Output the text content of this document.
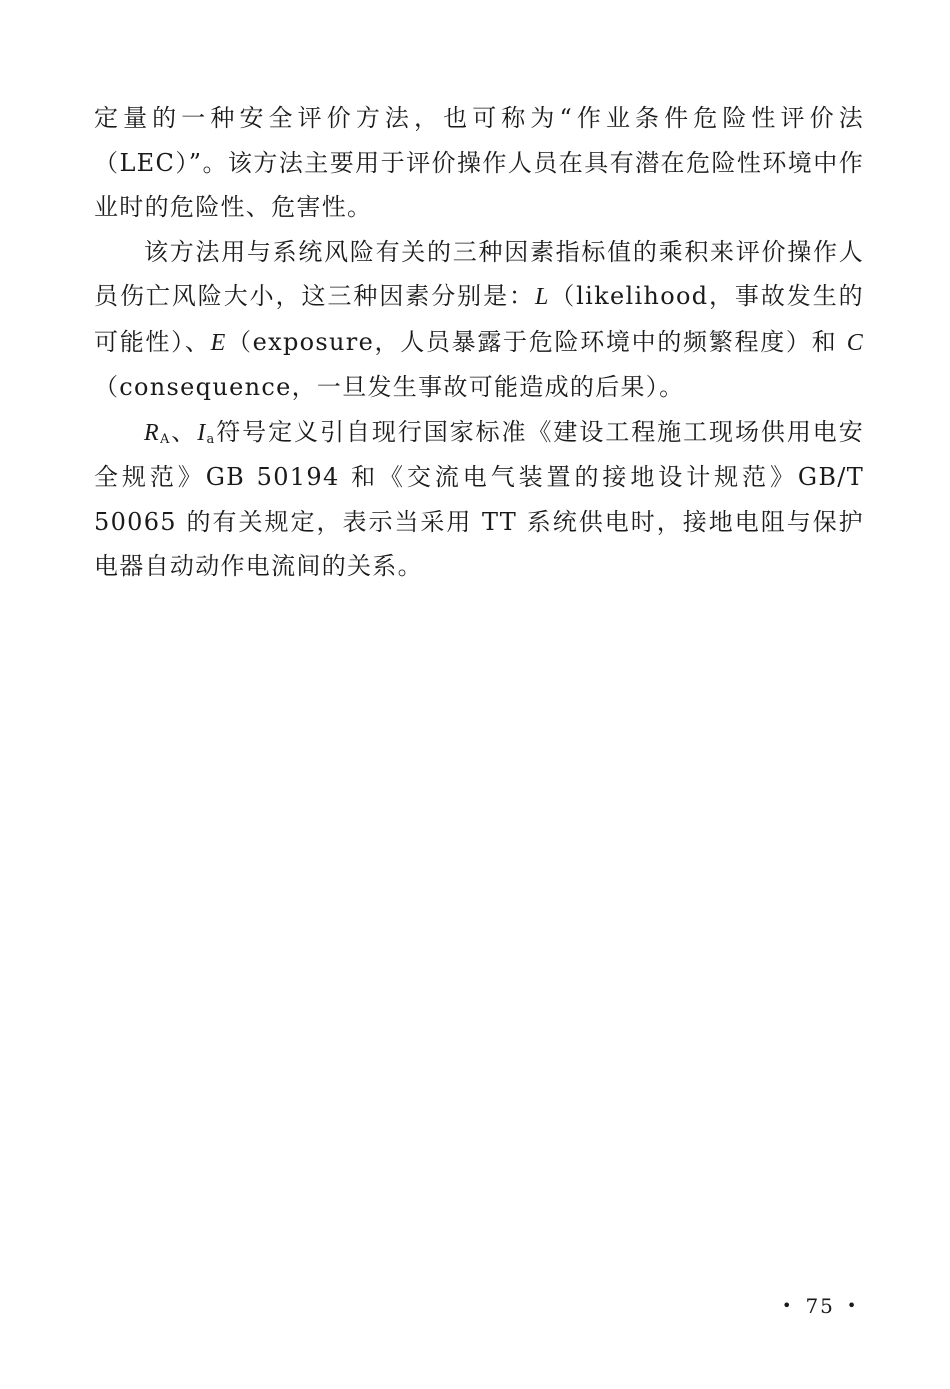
定量的一种安全评价方法，也可称为“作业条件危险性评价法（LEC）”。该方法主要用于评价操作人员在具有潜在危险性环境中作业时的危险性、危害性。

该方法用与系统风险有关的三种因素指标值的乘积来评价操作人员伤亡风险大小，这三种因素分别是：L（likelihood，事故发生的可能性）、E（exposure，人员暴露于危险环境中的频繁程度）和 C（consequence，一旦发生事故可能造成的后果）。

$R_A$、$I_a$符号定义引自现行国家标准《建设工程施工现场供用电安全规范》GB 50194 和《交流电气装置的接地设计规范》GB/T 50065 的有关规定，表示当采用 TT 系统供电时，接地电阻与保护电器自动动作电流间的关系。

• 75 •
